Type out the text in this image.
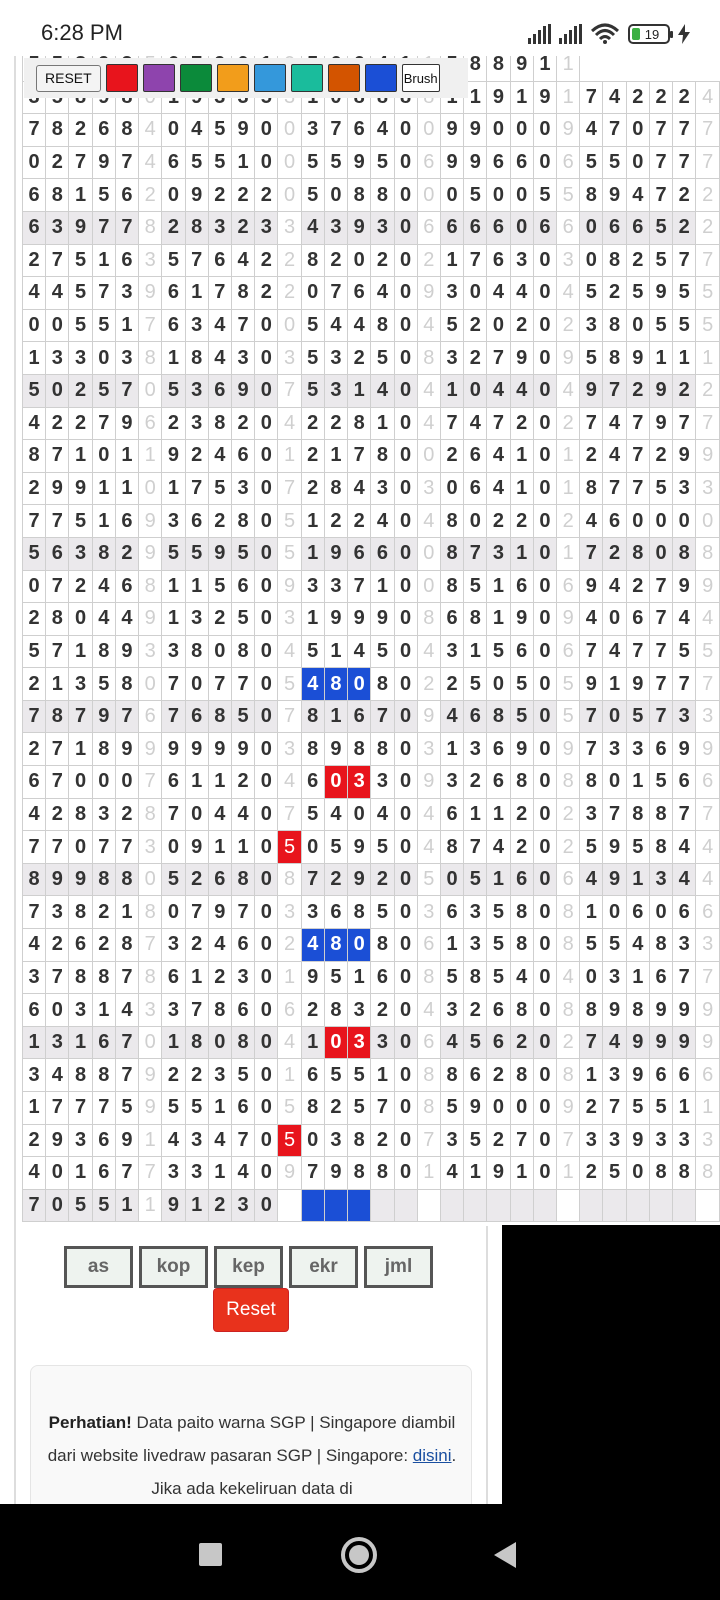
6:28 PM	19
																			8	8	9	1	1						
																			1	9	1	9	1	7	4	2	2	2	4
7	8	2	6	8	4	0	4	5	9	0	0	3	7	6	4	0	0	9	9	0	0	0	9	4	7	0	7	7	7
0	2	7	9	7	4	6	5	5	1	0	0	5	5	9	5	0	6	9	9	6	6	0	6	5	5	0	7	7	7
6	8	1	5	6	2	0	9	2	2	2	0	5	0	8	8	0	0	0	5	0	0	5	5	8	9	4	7	2	2
6	3	9	7	7	8	2	8	3	2	3	3	4	3	9	3	0	6	6	6	6	0	6	6	0	6	6	5	2	2
2	7	5	1	6	3	5	7	6	4	2	2	8	2	0	2	0	2	1	7	6	3	0	3	0	8	2	5	7	7
4	4	5	7	3	9	6	1	7	8	2	2	0	7	6	4	0	9	3	0	4	4	0	4	5	2	5	9	5	5
0	0	5	5	1	7	6	3	4	7	0	0	5	4	4	8	0	4	5	2	0	2	0	2	3	8	0	5	5	5
1	3	3	0	3	8	1	8	4	3	0	3	5	3	2	5	0	8	3	2	7	9	0	9	5	8	9	1	1	1
5	0	2	5	7	0	5	3	6	9	0	7	5	3	1	4	0	4	1	0	4	4	0	4	9	7	2	9	2	2
4	2	2	7	9	6	2	3	8	2	0	4	2	2	8	1	0	4	7	4	7	2	0	2	7	4	7	9	7	7
8	7	1	0	1	1	9	2	4	6	0	1	2	1	7	8	0	0	2	6	4	1	0	1	2	4	7	2	9	9
2	9	9	1	1	0	1	7	5	3	0	7	2	8	4	3	0	3	0	6	4	1	0	1	8	7	7	5	3	3
7	7	5	1	6	9	3	6	2	8	0	5	1	2	2	4	0	4	8	0	2	2	0	2	4	6	0	0	0	0
5	6	3	8	2	9	5	5	9	5	0	5	1	9	6	6	0	0	8	7	3	1	0	1	7	2	8	0	8	8
0	7	2	4	6	8	1	1	5	6	0	9	3	3	7	1	0	0	8	5	1	6	0	6	9	4	2	7	9	9
2	8	0	4	4	9	1	3	2	5	0	3	1	9	9	9	0	8	6	8	1	9	0	9	4	0	6	7	4	4
5	7	1	8	9	3	3	8	0	8	0	4	5	1	4	5	0	4	3	1	5	6	0	6	7	4	7	7	5	5
2	1	3	5	8	0	7	0	7	7	0	5	4	8	0	8	0	2	2	5	0	5	0	5	9	1	9	7	7	7
7	8	7	9	7	6	7	6	8	5	0	7	8	1	6	7	0	9	4	6	8	5	0	5	7	0	5	7	3	3
2	7	1	8	9	9	9	9	9	9	0	3	8	9	8	8	0	3	1	3	6	9	0	9	7	3	3	6	9	9
6	7	0	0	0	7	6	1	1	2	0	4	6	0	3	3	0	9	3	2	6	8	0	8	8	0	1	5	6	6
4	2	8	3	2	8	7	0	4	4	0	7	5	4	0	4	0	4	6	1	1	2	0	2	3	7	8	8	7	7
7	7	0	7	7	3	0	9	1	1	0	5	0	5	9	5	0	4	8	7	4	2	0	2	5	9	5	8	4	4
8	9	9	8	8	0	5	2	6	8	0	8	7	2	9	2	0	5	0	5	1	6	0	6	4	9	1	3	4	4
7	3	8	2	1	8	0	7	9	7	0	3	3	6	8	5	0	3	6	3	5	8	0	8	1	0	6	0	6	6
4	2	6	2	8	7	3	2	4	6	0	2	4	8	0	8	0	6	1	3	5	8	0	8	5	5	4	8	3	3
3	7	8	8	7	8	6	1	2	3	0	1	9	5	1	6	0	8	5	8	5	4	0	4	0	3	1	6	7	7
6	0	3	1	4	3	3	7	8	6	0	6	2	8	3	2	0	4	3	2	6	8	0	8	8	9	8	9	9	9
1	3	1	6	7	0	1	8	0	8	0	4	1	0	3	3	0	6	4	5	6	2	0	2	7	4	9	9	9	9
3	4	8	8	7	9	2	2	3	5	0	1	6	5	5	1	0	8	8	6	2	8	0	8	1	3	9	6	6	6
1	7	7	7	5	9	5	5	1	6	0	5	8	2	5	7	0	8	5	9	0	0	0	9	2	7	5	5	1	1
2	9	3	6	9	1	4	3	4	7	0	5	0	3	8	2	0	7	3	5	2	7	0	7	3	3	9	3	3	3
4	0	1	6	7	7	3	3	1	4	0	9	7	9	8	8	0	1	4	1	9	1	0	1	2	5	0	8	8	8
7	0	5	5	1	1	9	1	2	3	0																			
RESET	Brush
as	kop	kep	ekr	jml
Reset
Perhatian! Data paito warna SGP | Singapore diambil dari website livedraw pasaran SGP | Singapore: disini. Jika ada kekeliruan data di
